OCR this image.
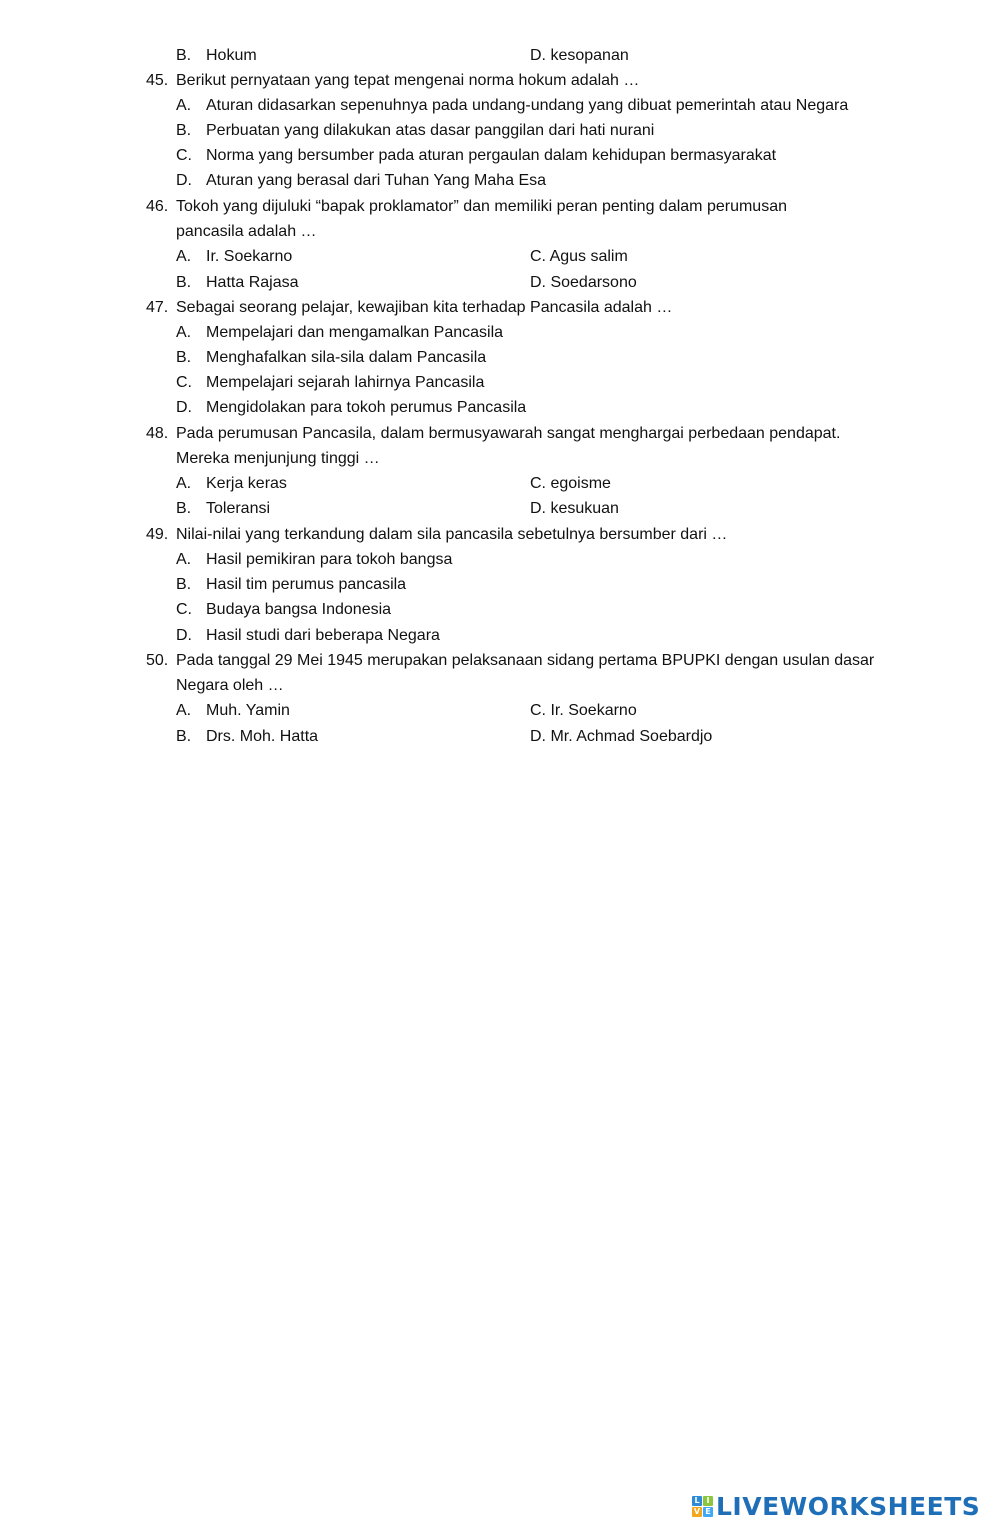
B. Hokum	D. kesopanan
45. Berikut pernyataan yang tepat mengenai norma hokum adalah …
A. Aturan didasarkan sepenuhnya pada undang-undang yang dibuat pemerintah atau Negara
B. Perbuatan yang dilakukan atas dasar panggilan dari hati nurani
C. Norma yang bersumber pada aturan pergaulan dalam kehidupan bermasyarakat
D. Aturan yang berasal dari Tuhan Yang Maha Esa
46. Tokoh yang dijuluki “bapak proklamator” dan memiliki peran penting dalam perumusan
pancasila adalah …
A. Ir. Soekarno	C. Agus salim
B. Hatta Rajasa	D. Soedarsono
47. Sebagai seorang pelajar, kewajiban kita terhadap Pancasila adalah …
A. Mempelajari dan mengamalkan Pancasila
B. Menghafalkan sila-sila dalam Pancasila
C. Mempelajari sejarah lahirnya Pancasila
D. Mengidolakan para tokoh perumus Pancasila
48. Pada perumusan Pancasila, dalam bermusyawarah sangat menghargai perbedaan pendapat.
Mereka menjunjung tinggi …
A. Kerja keras	C. egoisme
B. Toleransi	D. kesukuan
49. Nilai-nilai yang terkandung dalam sila pancasila sebetulnya bersumber dari …
A. Hasil pemikiran para tokoh bangsa
B. Hasil tim perumus pancasila
C. Budaya bangsa Indonesia
D. Hasil studi dari beberapa Negara
50. Pada tanggal 29 Mei 1945 merupakan pelaksanaan sidang pertama BPUPKI dengan usulan dasar
Negara oleh …
A. Muh. Yamin	C. Ir. Soekarno
B. Drs. Moh. Hatta	D. Mr. Achmad Soebardjo
L I
V E LIVEWORKSHEETS
